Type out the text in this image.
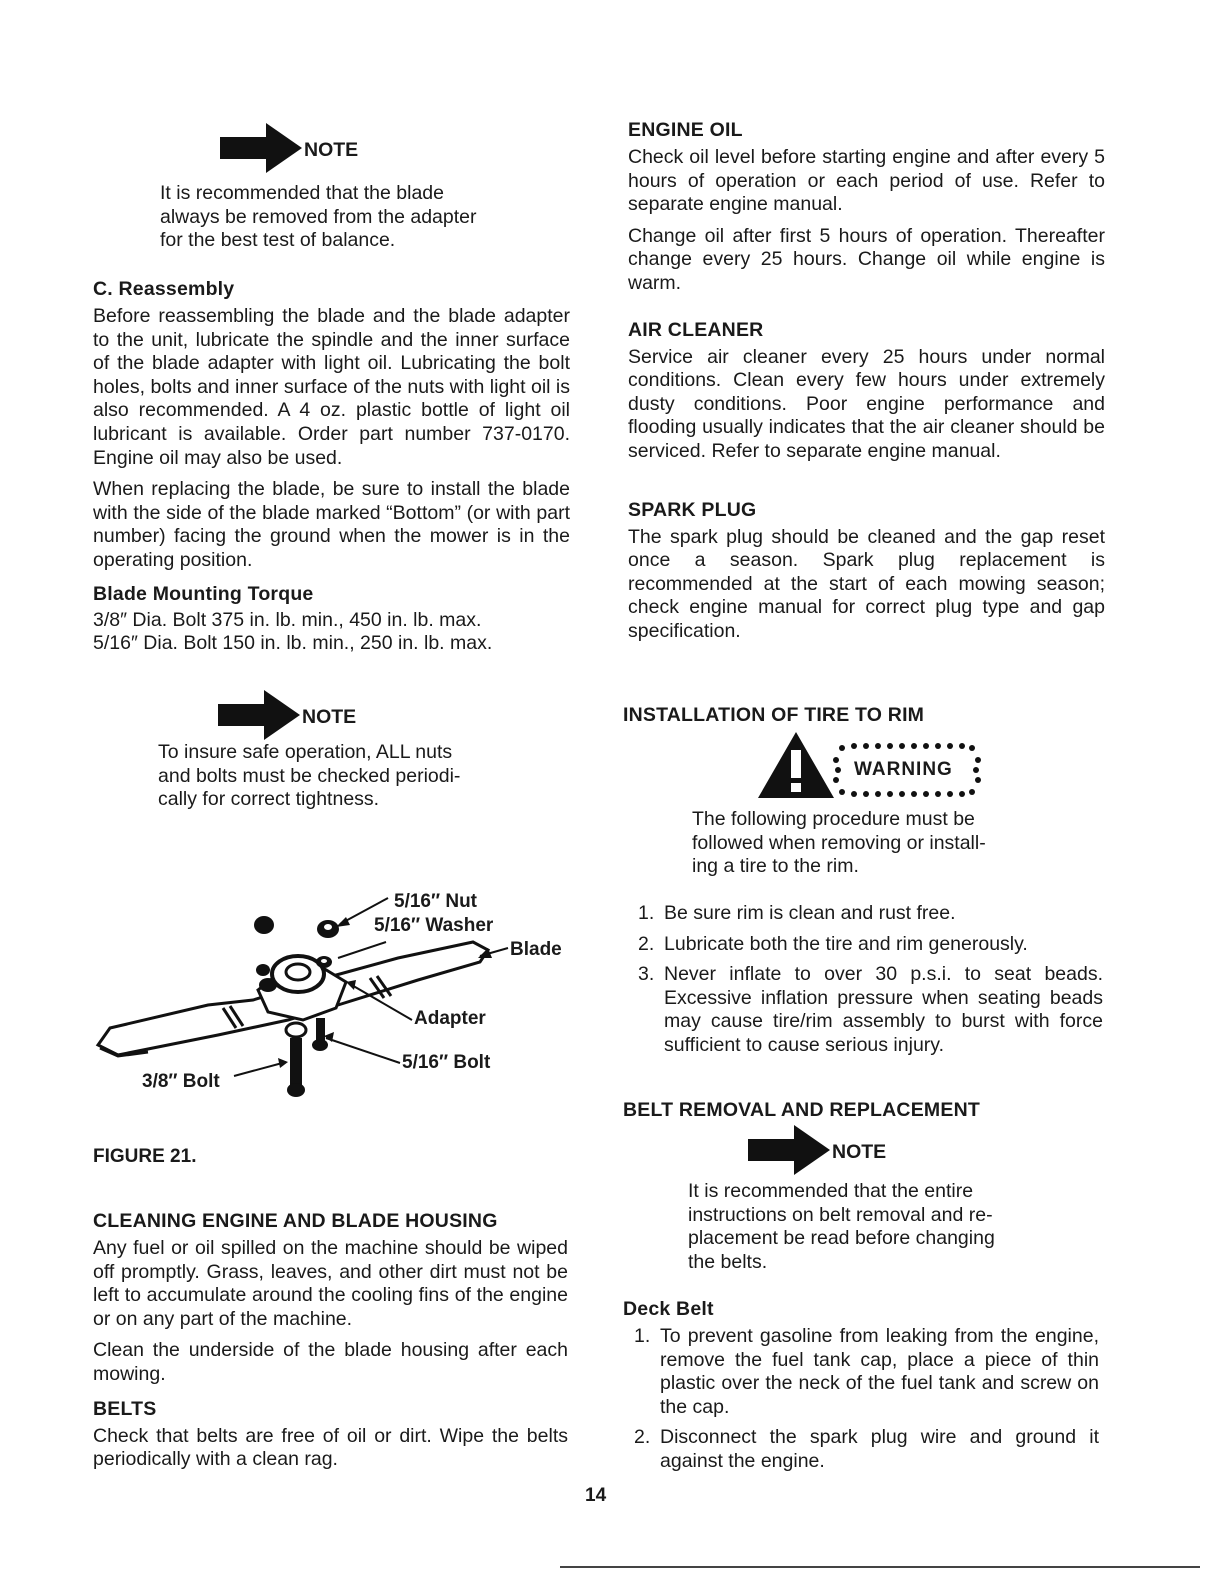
NOTE

It is recommended that the blade

always be removed from the adapter

for the best test of balance.

C. Reassembly

Before reassembling the blade and the blade adapter to the unit, lubricate the spindle and the inner surface of the blade adapter with light oil. Lubricating the bolt holes, bolts and inner surface of the nuts with light oil is also recommended. A 4 oz. plastic bottle of light oil lubricant is available. Order part number 737-0170. Engine oil may also be used.

When replacing the blade, be sure to install the blade with the side of the blade marked “Bottom” (or with part number) facing the ground when the mower is in the operating position.

Blade Mounting Torque

3/8″ Dia. Bolt 375 in. lb. min., 450 in. lb. max.

5/16″ Dia. Bolt 150 in. lb. min., 250 in. lb. max.

NOTE

To insure safe operation, ALL nuts

and bolts must be checked periodi-

cally for correct tightness.

5/16″ Nut
5/16″ Washer
Blade
Adapter
5/16″ Bolt
3/8″ Bolt
FIGURE 21.

CLEANING ENGINE AND BLADE HOUSING

Any fuel or oil spilled on the machine should be wiped off promptly. Grass, leaves, and other dirt must not be left to accumulate around the cooling fins of the engine or on any part of the machine.

Clean the underside of the blade housing after each mowing.

BELTS

Check that belts are free of oil or dirt. Wipe the belts periodically with a clean rag.

ENGINE OIL

Check oil level before starting engine and after every 5 hours of operation or each period of use. Refer to separate engine manual.

Change oil after first 5 hours of operation. Thereafter change every 25 hours. Change oil while engine is warm.

AIR CLEANER

Service air cleaner every 25 hours under normal conditions. Clean every few hours under extremely dusty conditions. Poor engine performance and flooding usually indicates that the air cleaner should be serviced. Refer to separate engine manual.

SPARK PLUG

The spark plug should be cleaned and the gap reset once a season. Spark plug replacement is recommended at the start of each mowing season; check engine manual for correct plug type and gap specification.

INSTALLATION OF TIRE TO RIM

WARNING

The following procedure must be

followed when removing or install-

ing a tire to the rim.

1. Be sure rim is clean and rust free.
2. Lubricate both the tire and rim generously.
3. Never inflate to over 30 p.s.i. to seat beads. Excessive inflation pressure when seating beads may cause tire/rim assembly to burst with force sufficient to cause serious injury.

BELT REMOVAL AND REPLACEMENT

NOTE

It is recommended that the entire

instructions on belt removal and re-

placement be read before changing

the belts.

Deck Belt

1. To prevent gasoline from leaking from the engine, remove the fuel tank cap, place a piece of thin plastic over the neck of the fuel tank and screw on the cap.
2. Disconnect the spark plug wire and ground it against the engine.
14
